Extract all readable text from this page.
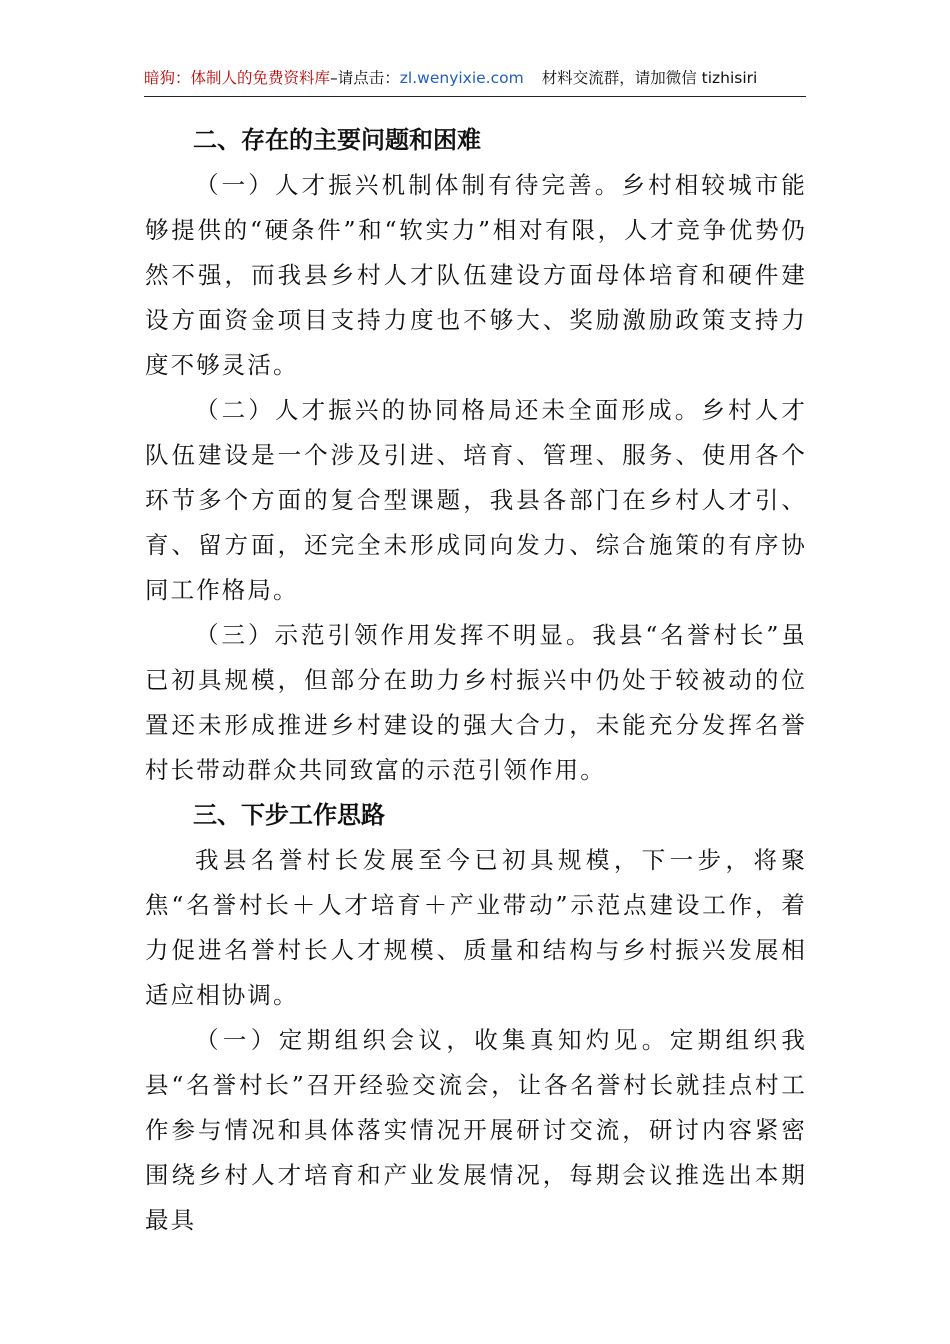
暗狗：体制人的免费资料库–请点击：zl.wenyixie.com 材料交流群，请加微信 tizhisiri
二、存在的主要问题和困难

（一）人才振兴机制体制有待完善。乡村相较城市能够提供的“硬条件”和“软实力”相对有限，人才竞争优势仍然不强，而我县乡村人才队伍建设方面母体培育和硬件建设方面资金项目支持力度也不够大、奖励激励政策支持力度不够灵活。

（二）人才振兴的协同格局还未全面形成。乡村人才队伍建设是一个涉及引进、培育、管理、服务、使用各个环节多个方面的复合型课题，我县各部门在乡村人才引、育、留方面，还完全未形成同向发力、综合施策的有序协同工作格局。

（三）示范引领作用发挥不明显。我县“名誉村长”虽已初具规模，但部分在助力乡村振兴中仍处于较被动的位置还未形成推进乡村建设的强大合力，未能充分发挥名誉村长带动群众共同致富的示范引领作用。

三、下步工作思路

我县名誉村长发展至今已初具规模，下一步，将聚焦“名誉村长＋人才培育＋产业带动”示范点建设工作，着力促进名誉村长人才规模、质量和结构与乡村振兴发展相适应相协调。

（一）定期组织会议，收集真知灼见。定期组织我县“名誉村长”召开经验交流会，让各名誉村长就挂点村工作参与情况和具体落实情况开展研讨交流，研讨内容紧密围绕乡村人才培育和产业发展情况，每期会议推选出本期最具
